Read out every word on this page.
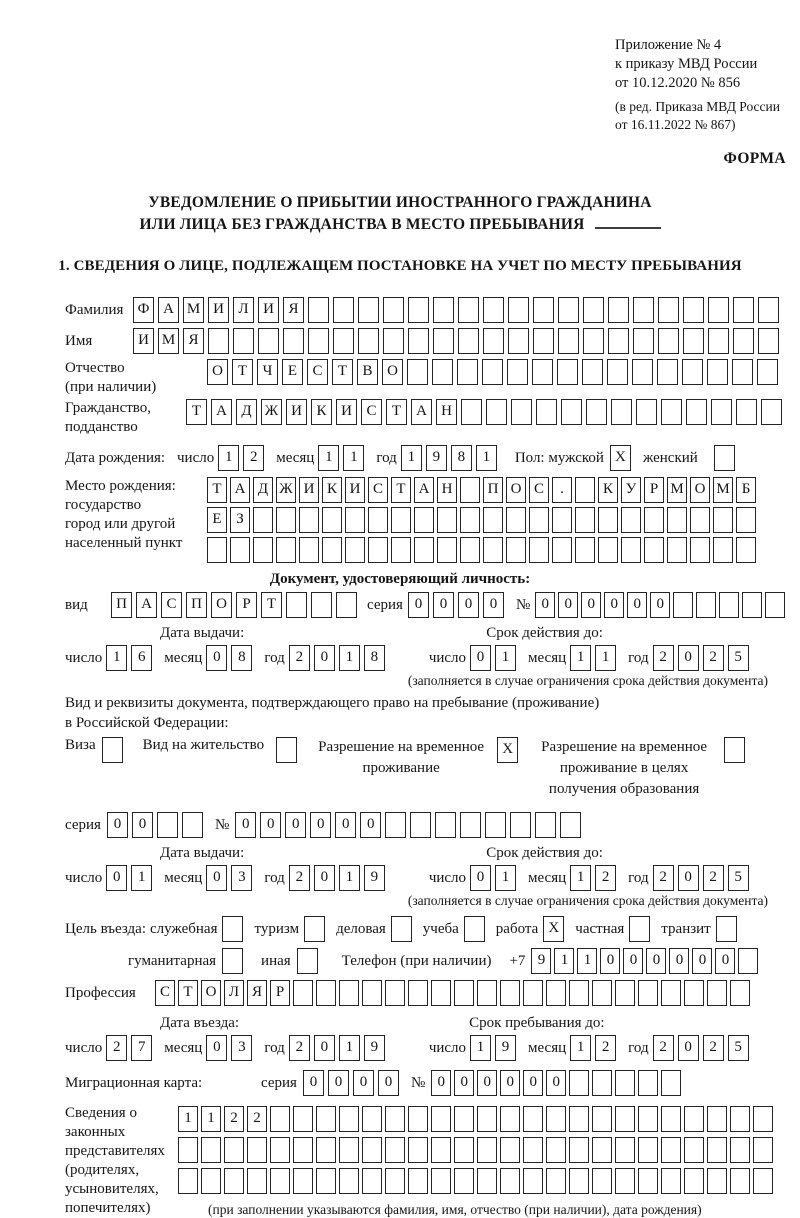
Приложение № 4
к приказу МВД России
от 10.12.2020 № 856
(в ред. Приказа МВД России
от 16.11.2022 № 867)
ФОРМА
УВЕДОМЛЕНИЕ О ПРИБЫТИИ ИНОСТРАННОГО ГРАЖДАНИНА
ИЛИ ЛИЦА БЕЗ ГРАЖДАНСТВА В МЕСТО ПРЕБЫВАНИЯ
1. СВЕДЕНИЯ О ЛИЦЕ, ПОДЛЕЖАЩЕМ ПОСТАНОВКЕ НА УЧЕТ ПО МЕСТУ ПРЕБЫВАНИЯ
Фамилия Ф А М И Л И Я
Имя	И М Я
Отчество
(при наличии)
О Т	Ч	Е	С	Т	В О
Гражданство,
подданство
Т	А Д Ж И К И С	Т	А Н
Дата рождения: число 1	2	месяц 1	1	год 1	9	8	1	Пол: мужской X	женский
Место рождения:
государство
город или другой
населенный пункт
Т А Д Ж И К И С Т А Н	П О С	.	К У Р М О М Б
Е З
Документ, удостоверяющий личность:
вид	П А С П О	Р	Т	серия 0	0	0	0	№ 0	0	0	0	0	0
Дата выдачи:	Срок действия до:
число 1	6	месяц 0	8	год 2	0	1	8	число 0	1	месяц 1	1	год 2	0	2	5
(заполняется в случае ограничения срока действия документа)
Вид и реквизиты документа, подтверждающего право на пребывание (проживание)
в Российской Федерации:
Виза	Вид на жительство	Разрешение на временное
проживание
X	Разрешение на временное
проживание в целях
получения образования
серия 0	0	№ 0	0	0	0	0	0
Дата выдачи:	Срок действия до:
число 0	1	месяц 0	3	год 2	0	1	9	число 0	1	месяц 1	2	год 2	0	2	5
(заполняется в случае ограничения срока действия документа)
Цель въезда: служебная туризм деловая учеба работа X	частная транзит
гуманитарная	иная	Телефон (при наличии) +7 9	1	1	0	0	0	0	0	0
Профессия	С Т О Л Я Р
Дата въезда:	Срок пребывания до:
число 2	7	месяц 0	3	год 2	0	1	9	число 1	9	месяц 1	2	год 2	0	2	5
Миграционная карта:	серия 0	0	0	0	№ 0	0	0	0	0	0
Сведения о
законных
представителях
(родителях,
усыновителях,
попечителях)
1	1	2	2
(при заполнении указываются фамилия, имя, отчество (при наличии), дата рождения)
